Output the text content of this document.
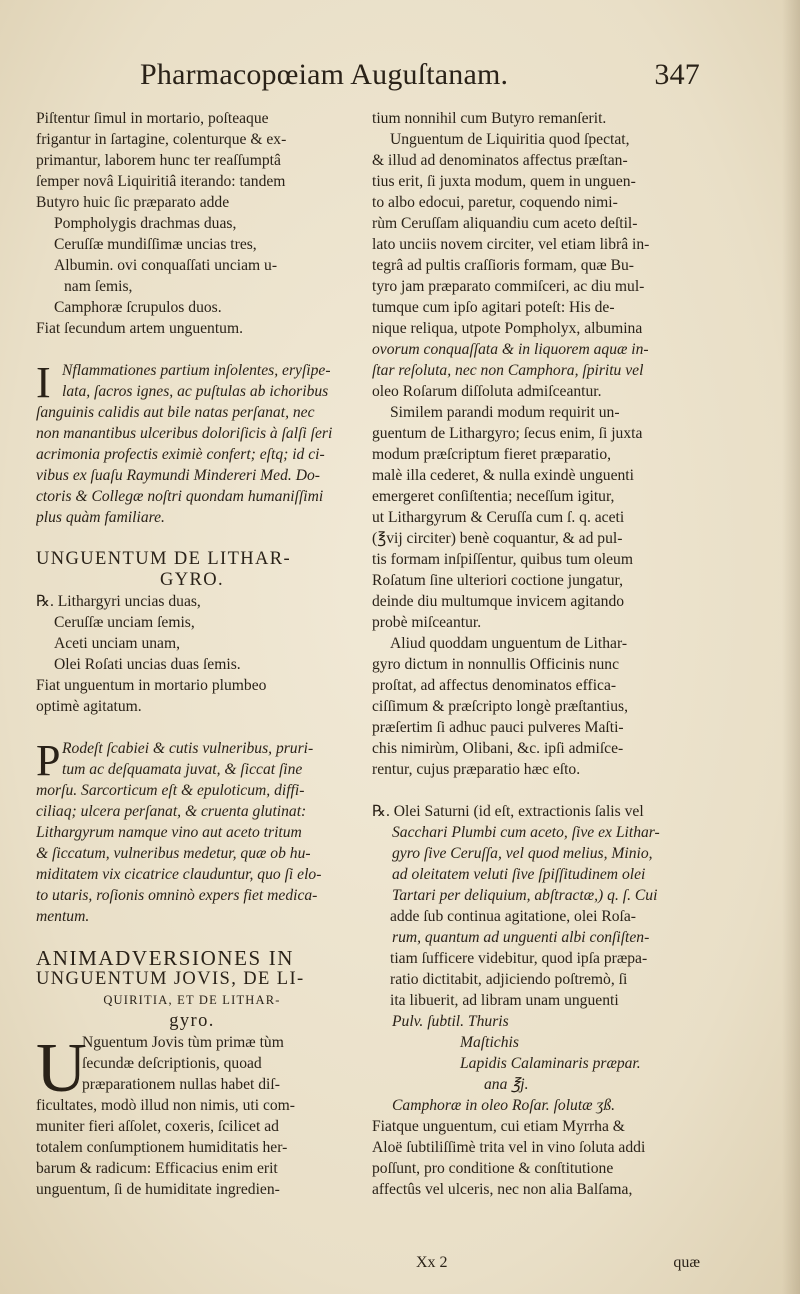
Pharmacopœiam Auguſtanam.	347
Piſtentur ſimul in mortario, poſteaque
frigantur in ſartagine, colenturque & ex-
primantur, laborem hunc ter reaſſumptâ
ſemper novâ Liquiritiâ iterando: tandem
Butyro huic ſic præparato adde
Pompholygis drachmas duas,
Ceruſſæ mundiſſimæ uncias tres,
Albumin. ovi conquaſſati unciam u-
nam ſemis,
Camphoræ ſcrupulos duos.
Fiat ſecundum artem unguentum.
I Nflammationes partium inſolentes, eryſipe-
lata, ſacros ignes, ac puſtulas ab ichoribus
ſanguinis calidis aut bile natas perſanat, nec
non manantibus ulceribus doloriſicis à ſalſi ſeri
acrimonia profectis eximiè confert; eſtq; id ci-
vibus ex ſuaſu Raymundi Mindereri Med. Do-
ctoris & Collegæ noſtri quondam humaniſſimi
plus quàm familiare.
UNGUENTUM DE LITHAR-
GYRO.
℞. Lithargyri uncias duas,
Ceruſſæ unciam ſemis,
Aceti unciam unam,
Olei Roſati uncias duas ſemis.
Fiat unguentum in mortario plumbeo
optimè agitatum.
P Rodeſt ſcabiei & cutis vulneribus, pruri-
tum ac deſquamata juvat, & ſiccat ſine
morſu. Sarcorticum eſt & epuloticum, diffi-
ciliaq; ulcera perſanat, & cruenta glutinat:
Lithargyrum namque vino aut aceto tritum
& ſiccatum, vulneribus medetur, quæ ob hu-
miditatem vix cicatrice clauduntur, quo ſi elo-
to utaris, roſionis omninò expers fiet medica-
mentum.
ANIMADVERSIONES IN
UNGUENTUM JOVIS, DE LI-
QUIRITIA, ET DE LITHAR-
gyro.
U
Nguentum Jovis tùm primæ tùm
ſecundæ deſcriptionis, quoad
præparationem nullas habet diſ-
ficultates, modò illud non nimis, uti com-
muniter fieri aſſolet, coxeris, ſcilicet ad
totalem conſumptionem humiditatis her-
barum & radicum: Efficacius enim erit
unguentum, ſi de humiditate ingredien-
tium nonnihil cum Butyro remanſerit.
Unguentum de Liquiritia quod ſpectat,
& illud ad denominatos affectus præſtan-
tius erit, ſi juxta modum, quem in unguen-
to albo edocui, paretur, coquendo nimi-
rùm Ceruſſam aliquandiu cum aceto deſtil-
lato unciis novem circiter, vel etiam librâ in-
tegrâ ad pultis craſſioris formam, quæ Bu-
tyro jam præparato commiſceri, ac diu mul-
tumque cum ipſo agitari poteſt: His de-
nique reliqua, utpote Pompholyx, albumina
ovorum conquaſſata & in liquorem aquæ in-
ſtar reſoluta, nec non Camphora, ſpiritu vel
oleo Roſarum diſſoluta admiſceantur.
Similem parandi modum requirit un-
guentum de Lithargyro; ſecus enim, ſi juxta
modum præſcriptum fieret præparatio,
malè illa cederet, & nulla exindè unguenti
emergeret conſiſtentia; neceſſum igitur,
ut Lithargyrum & Ceruſſa cum ſ. q. aceti
(℥vij circiter) benè coquantur, & ad pul-
tis formam inſpiſſentur, quibus tum oleum
Roſatum ſine ulteriori coctione jungatur,
deinde diu multumque invicem agitando
probè miſceantur.
Aliud quoddam unguentum de Lithar-
gyro dictum in nonnullis Officinis nunc
proſtat, ad affectus denominatos effica-
ciſſimum & præſcripto longè præſtantius,
præſertim ſi adhuc pauci pulveres Maſti-
chis nimirùm, Olibani, &c. ipſi admiſce-
rentur, cujus præparatio hæc eſto.
℞. Olei Saturni (id eſt, extractionis ſalis vel
Sacchari Plumbi cum aceto, ſive ex Lithar-
gyro ſive Ceruſſa, vel quod melius, Minio,
ad oleitatem veluti ſive ſpiſſitudinem olei
Tartari per deliquium, abſtractæ,) q. ſ. Cui
adde ſub continua agitatione, olei Roſa-
rum, quantum ad unguenti albi conſiſten-
tiam ſufficere videbitur, quod ipſa præpa-
ratio dictitabit, adjiciendo poſtremò, ſi
ita libuerit, ad libram unam unguenti
Pulv. ſubtil. Thuris
Maſtichis
Lapidis Calaminaris præpar.
ana ℥j.
Camphoræ in oleo Roſar. ſolutæ ʒß.
Fiatque unguentum, cui etiam Myrrha &
Aloë ſubtiliſſimè trita vel in vino ſoluta addi
poſſunt, pro conditione & conſtitutione
affectûs vel ulceris, nec non alia Balſama,
Xx 2	quæ
